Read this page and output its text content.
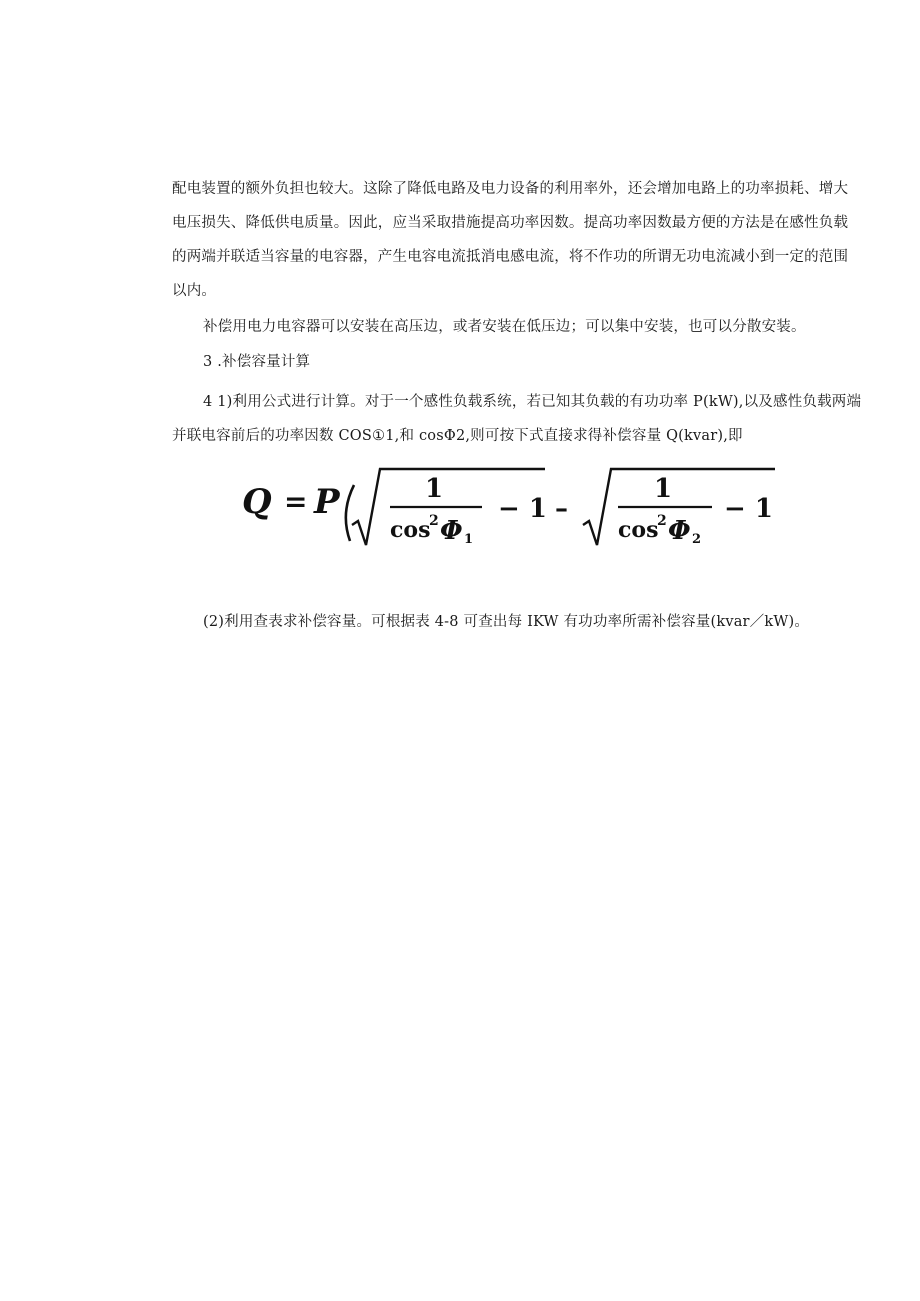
配电装置的额外负担也较大。这除了降低电路及电力设备的利用率外，还会增加电路上的功率损耗、增大
电压损失、降低供电质量。因此，应当采取措施提高功率因数。提高功率因数最方便的方法是在感性负载
的两端并联适当容量的电容器，产生电容电流抵消电感电流，将不作功的所谓无功电流减小到一定的范围
以内。

补偿用电力电容器可以安装在高压边，或者安装在低压边；可以集中安装，也可以分散安装。

3 .补偿容量计算

4 1)利用公式进行计算。对于一个感性负载系统，若已知其负载的有功功率 P(kW),以及感性负载两端
并联电容前后的功率因数 COS①1,和 cosΦ2,则可按下式直接求得补偿容量 Q(kvar),即

Q = P	1
cos
2 Φ 1
− 1 –
1
cos
2 Φ 2
− 1

(2)利用查表求补偿容量。可根据表 4-8 可查出每 IKW 有功功率所需补偿容量(kvar／kW)。
